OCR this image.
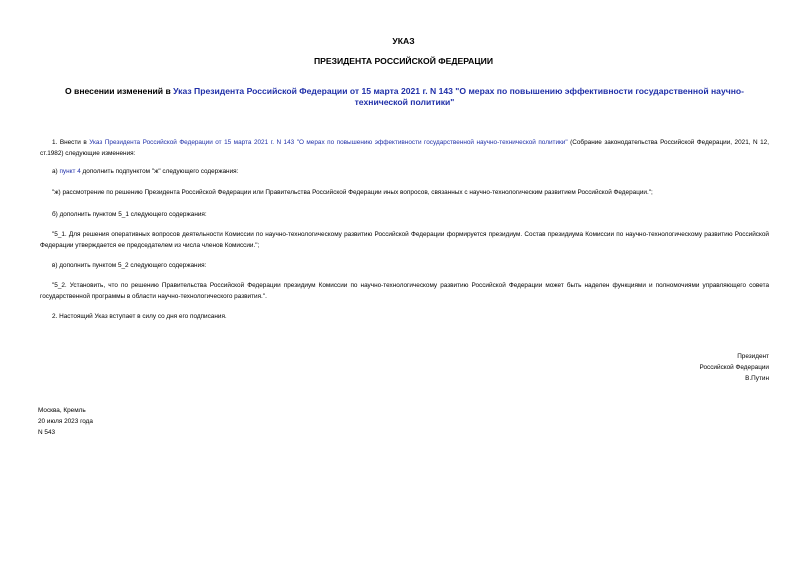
УКАЗ
ПРЕЗИДЕНТА РОССИЙСКОЙ ФЕДЕРАЦИИ
О внесении изменений в Указ Президента Российской Федерации от 15 марта 2021 г. N 143 "О мерах по повышению эффективности государственной научно-технической политики"
1. Внести в Указ Президента Российской Федерации от 15 марта 2021 г. N 143 "О мерах по повышению эффективности государственной научно-технической политики" (Собрание законодательства Российской Федерации, 2021, N 12, ст.1982) следующие изменения:
а) пункт 4 дополнить подпунктом "ж" следующего содержания:
"ж) рассмотрение по решению Президента Российской Федерации или Правительства Российской Федерации иных вопросов, связанных с научно-технологическим развитием Российской Федерации.";
б) дополнить пунктом 5_1 следующего содержания:
"5_1. Для решения оперативных вопросов деятельности Комиссии по научно-технологическому развитию Российской Федерации формируется президиум. Состав президиума Комиссии по научно-технологическому развитию Российской Федерации утверждается ее председателем из числа членов Комиссии.";
в) дополнить пунктом 5_2 следующего содержания:
"5_2. Установить, что по решению Правительства Российской Федерации президиум Комиссии по научно-технологическому развитию Российской Федерации может быть наделен функциями и полномочиями управляющего совета государственной программы в области научно-технологического развития.".
2. Настоящий Указ вступает в силу со дня его подписания.
Президент
Российской Федерации
В.Путин
Москва, Кремль
20 июля 2023 года
N 543
